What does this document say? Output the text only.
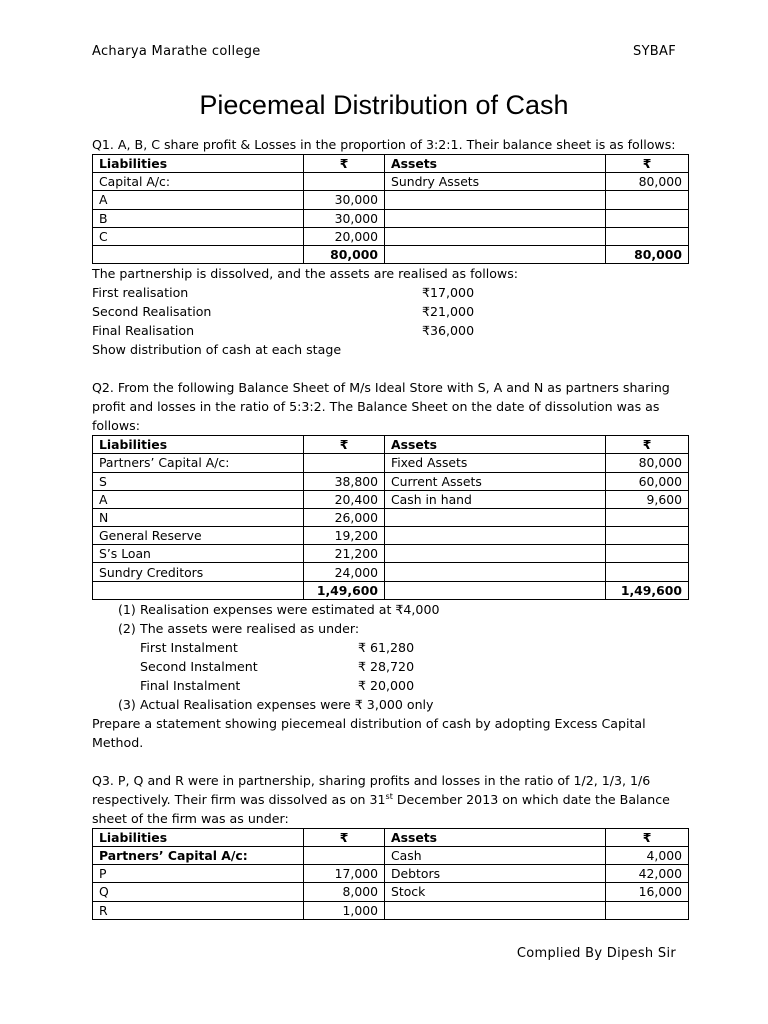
Acharya Marathe college	SYBAF
Piecemeal Distribution of Cash

Q1. A, B, C share profit & Losses in the proportion of 3:2:1. Their balance sheet is as follows:

Liabilities	₹	Assets	₹
Capital A/c:		Sundry Assets	80,000
A	30,000		
B	30,000		
C	20,000		
	80,000		80,000

The partnership is dissolved, and the assets are realised as follows:

First realisation	₹17,000
Second Realisation	₹21,000
Final Realisation	₹36,000

Show distribution of cash at each stage

Q2. From the following Balance Sheet of M/s Ideal Store with S, A and N as partners sharing profit and losses in the ratio of 5:3:2. The Balance Sheet on the date of dissolution was as follows:

Liabilities	₹	Assets	₹
Partners’ Capital A/c:		Fixed Assets	80,000
S	38,800	Current Assets	60,000
A	20,400	Cash in hand	9,600
N	26,000		
General Reserve	19,200		
S’s Loan	21,200		
Sundry Creditors	24,000		
	1,49,600		1,49,600
(1) Realisation expenses were estimated at ₹4,000
(2) The assets were realised as under:
First Instalment	₹ 61,280
Second Instalment	₹ 28,720
Final Instalment	₹ 20,000
(3) Actual Realisation expenses were ₹ 3,000 only

Prepare a statement showing piecemeal distribution of cash by adopting Excess Capital Method.

Q3. P, Q and R were in partnership, sharing profits and losses in the ratio of 1/2, 1/3, 1/6 respectively. Their firm was dissolved as on 31st December 2013 on which date the Balance sheet of the firm was as under:

Liabilities	₹	Assets	₹
Partners’ Capital A/c:		Cash	4,000
P	17,000	Debtors	42,000
Q	8,000	Stock	16,000
R	1,000		
Complied By Dipesh Sir
